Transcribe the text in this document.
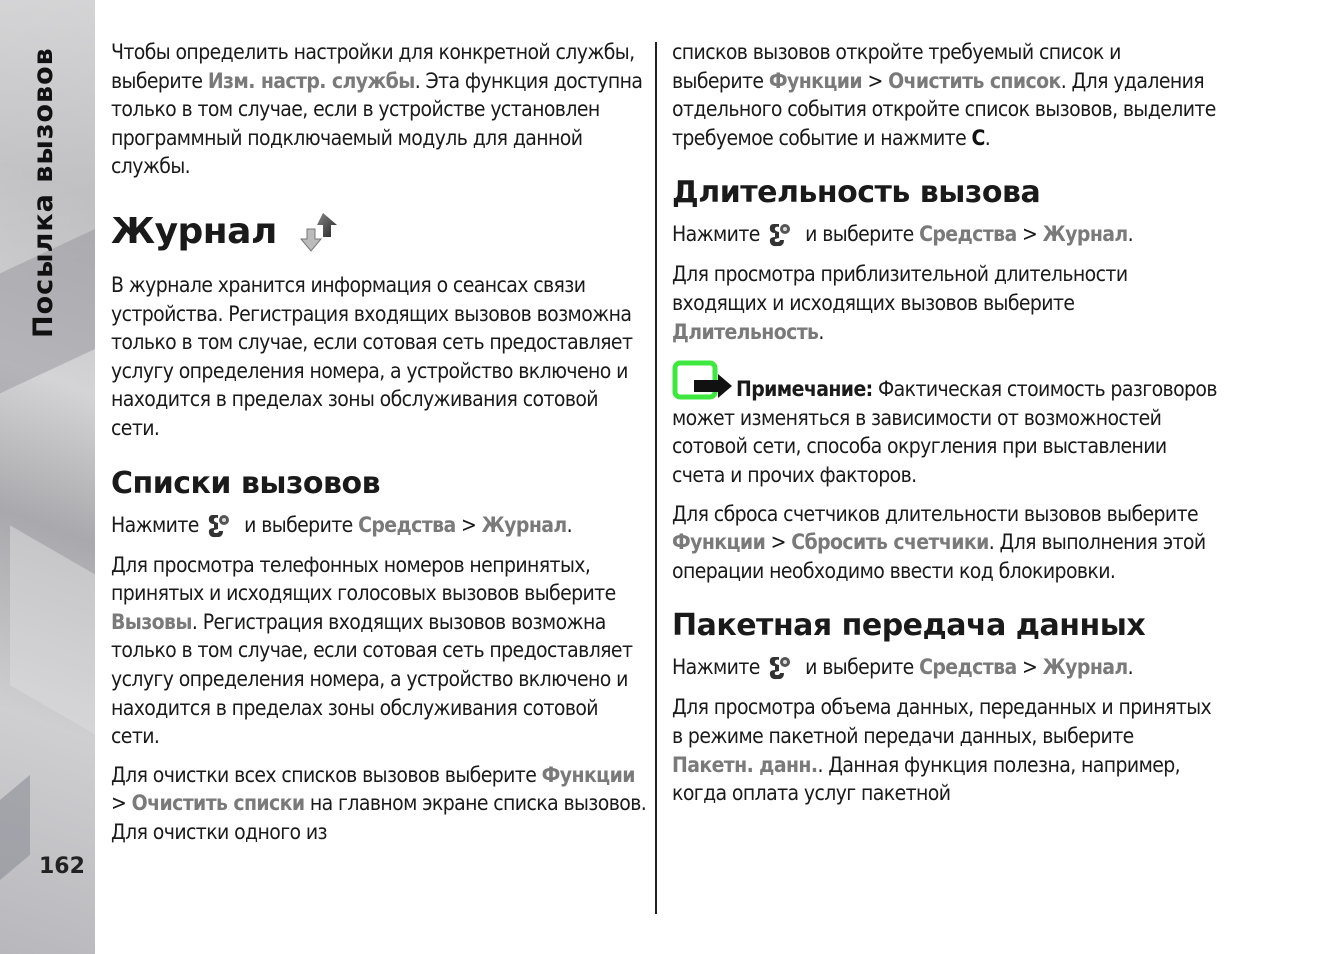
Посылка вызовов
162

Чтобы определить настройки для конкретной службы, выберите Изм. настр. службы. Эта функция доступна только в том случае, если в устройстве установлен программный подключаемый модуль для данной службы.

Журнал

В журнале хранится информация о сеансах связи устройства. Регистрация входящих вызовов возможна только в том случае, если сотовая сеть предоставляет услугу определения номера, а устройство включено и находится в пределах зоны обслуживания сотовой сети.

Списки вызовов

Нажмите и выберите Средства > Журнал.

Для просмотра телефонных номеров непринятых, принятых и исходящих голосовых вызовов выберите Вызовы. Регистрация входящих вызовов возможна только в том случае, если сотовая сеть предоставляет услугу определения номера, а устройство включено и находится в пределах зоны обслуживания сотовой сети.

Для очистки всех списков вызовов выберите Функции > Очистить списки на главном экране списка вызовов. Для очистки одного из

списков вызовов откройте требуемый список и выберите Функции > Очистить список. Для удаления отдельного события откройте список вызовов, выделите требуемое событие и нажмите C.

Длительность вызова

Нажмите и выберите Средства > Журнал.

Для просмотра приблизительной длительности входящих и исходящих вызовов выберите Длительность.

Примечание: Фактическая стоимость разговоров может изменяться в зависимости от возможностей сотовой сети, способа округления при выставлении счета и прочих факторов.

Для сброса счетчиков длительности вызовов выберите Функции > Сбросить счетчики. Для выполнения этой операции необходимо ввести код блокировки.

Пакетная передача данных

Нажмите и выберите Средства > Журнал.

Для просмотра объема данных, переданных и принятых в режиме пакетной передачи данных, выберите Пакетн. данн.. Данная функция полезна, например, когда оплата услуг пакетной
